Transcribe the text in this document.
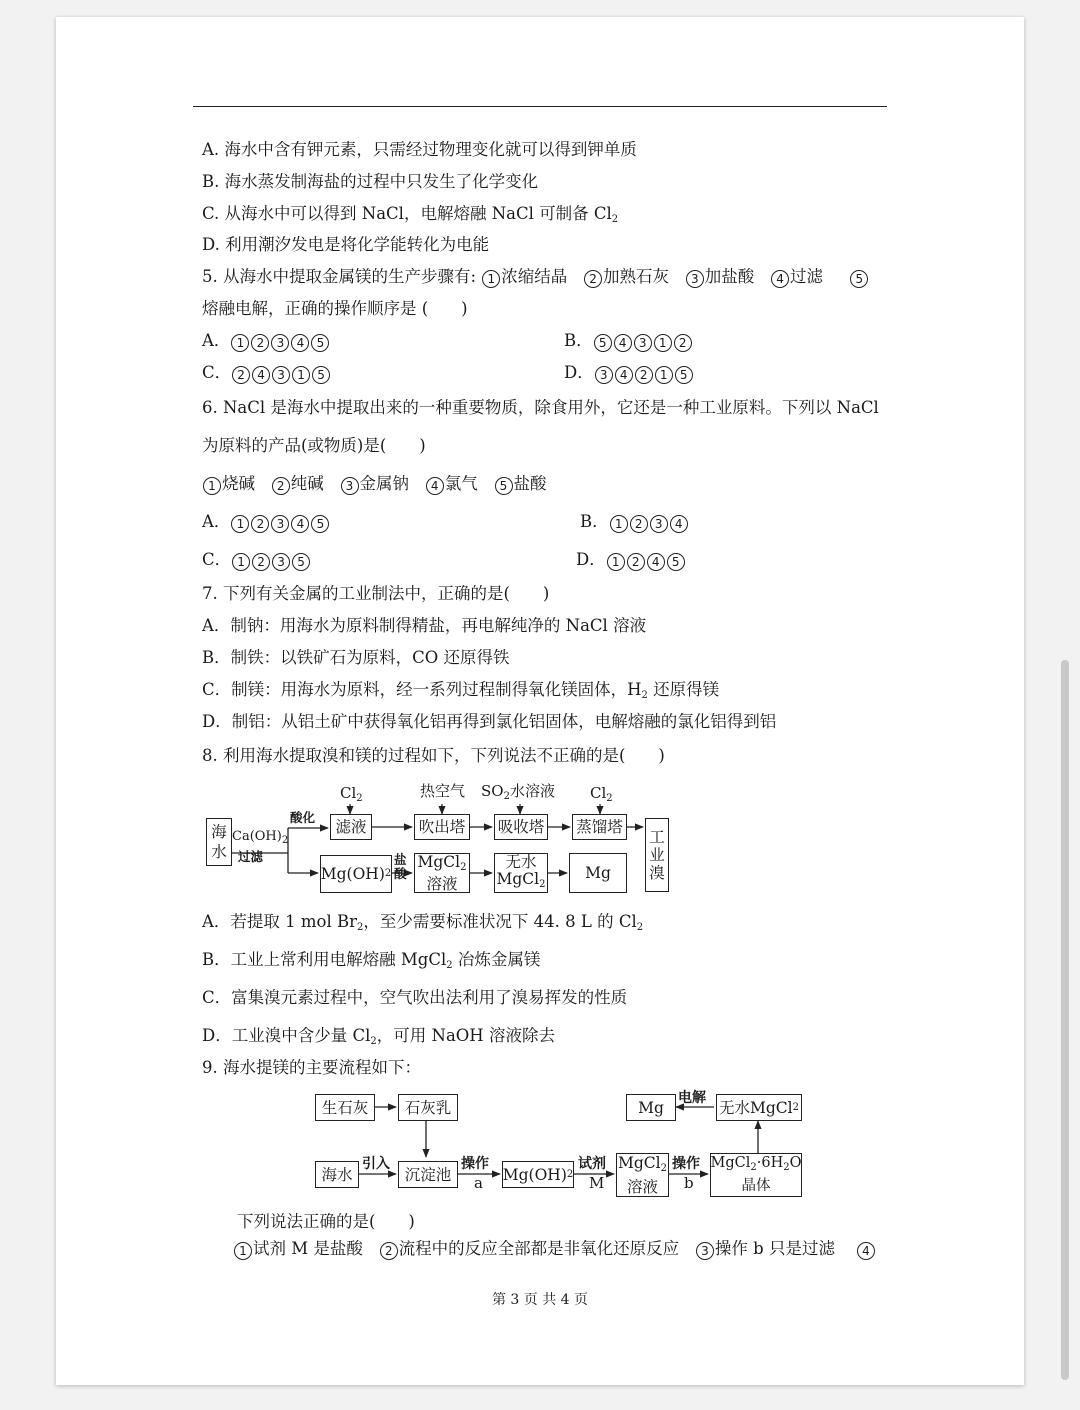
A. 海水中含有钾元素，只需经过物理变化就可以得到钾单质
B. 海水蒸发制海盐的过程中只发生了化学变化
C. 从海水中可以得到 NaCl，电解熔融 NaCl 可制备 $Cl_2$
D. 利用潮汐发电是将化学能转化为电能
5. 从海水中提取金属镁的生产步骤有: 1 浓缩结晶 2 加熟石灰 3 加盐酸 4 过滤	5
熔融电解，正确的操作顺序是 (　　)
A． 1 2 3 4 5	B． 5 4 3 1 2
C． 2 4 3 1 5	D． 3 4 2 1 5
6. NaCl 是海水中提取出来的一种重要物质，除食用外，它还是一种工业原料。下列以 NaCl
为原料的产品(或物质)是(　　)
1 烧碱 2 纯碱 3 金属钠 4 氯气 5 盐酸
A． 1 2 3 4 5	B． 1 2 3 4
C． 1 2 3 5	D． 1 2 4 5
7. 下列有关金属的工业制法中，正确的是(　　)
A．制钠：用海水为原料制得精盐，再电解纯净的 NaCl 溶液
B．制铁：以铁矿石为原料，CO 还原得铁
C．制镁：用海水为原料，经一系列过程制得氧化镁固体，$H_2$ 还原得镁
D．制铝：从铝土矿中获得氧化铝再得到氯化铝固体，电解熔融的氯化铝得到铝
8. 利用海水提取溴和镁的过程如下，下列说法不正确的是(　　)
海水
$Ca(OH)_2$
过滤
酸化
$Cl_2$	热空气 $SO_2$水溶液 $Cl_2$
滤液	吹出塔	吸收塔 蒸馏塔
工
业
溴
Mg(OH) 2
盐
酸
MgCl$_2$
溶液
无水
MgCl$_2$
Mg
A．若提取 1 mol $Br_2$，至少需要标准状况下 44. 8 L 的 $Cl_2$
B．工业上常利用电解熔融 MgCl$_2$ 冶炼金属镁
C．富集溴元素过程中，空气吹出法利用了溴易挥发的性质
D．工业溴中含少量 $Cl_2$，可用 NaOH 溶液除去
9. 海水提镁的主要流程如下：
生石灰	石灰乳
海水
引入
沉淀池
操作
a Mg(OH) 2
试剂
M
MgCl$_2$
溶液
操作
b
$MgCl_2\cdot 6H_2O$
晶体
Mg
电解
无水MgCl 2
下列说法正确的是(　　)
1 试剂 M 是盐酸 2 流程中的反应全部都是非氧化还原反应 3 操作 b 只是过滤 4
第 3 页 共 4 页
